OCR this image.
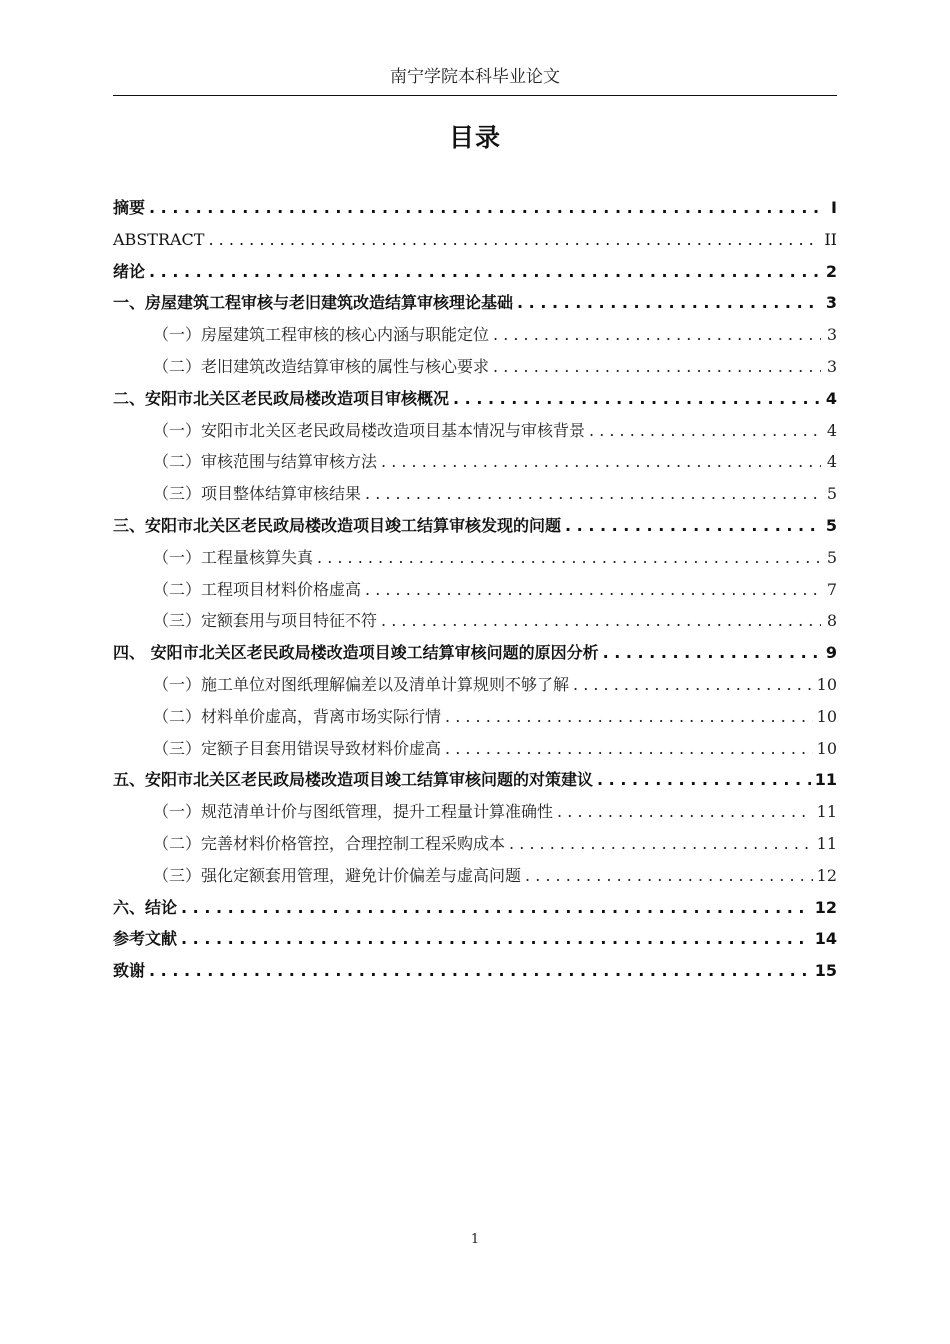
南宁学院本科毕业论文
目录
摘要 . . .	I
ABSTRACT . . .	II
绪论 . . .	2
一、房屋建筑工程审核与老旧建筑改造结算审核理论基础 . . .	3
（一）房屋建筑工程审核的核心内涵与职能定位 . . .	3
（二）老旧建筑改造结算审核的属性与核心要求 . . .	3
二、安阳市北关区老民政局楼改造项目审核概况 . . .	4
（一）安阳市北关区老民政局楼改造项目基本情况与审核背景 . . .	4
（二）审核范围与结算审核方法 . . .	4
（三）项目整体结算审核结果 . . .	5
三、安阳市北关区老民政局楼改造项目竣工结算审核发现的问题 . . .	5
（一）工程量核算失真 . . .	5
（二）工程项目材料价格虚高 . . .	7
（三）定额套用与项目特征不符 . . .	8
四、 安阳市北关区老民政局楼改造项目竣工结算审核问题的原因分析 . . .	9
（一）施工单位对图纸理解偏差以及清单计算规则不够了解 . . .	10
（二）材料单价虚高，背离市场实际行情 . . .	10
（三）定额子目套用错误导致材料价虚高 . . .	10
五、安阳市北关区老民政局楼改造项目竣工结算审核问题的对策建议 . . .	11
（一）规范清单计价与图纸管理，提升工程量计算准确性 . . .	11
（二）完善材料价格管控，合理控制工程采购成本 . . .	11
（三）强化定额套用管理，避免计价偏差与虚高问题 . . .	12
六、结论 . . .	12
参考文献 . . .	14
致谢 . . .	15
1
